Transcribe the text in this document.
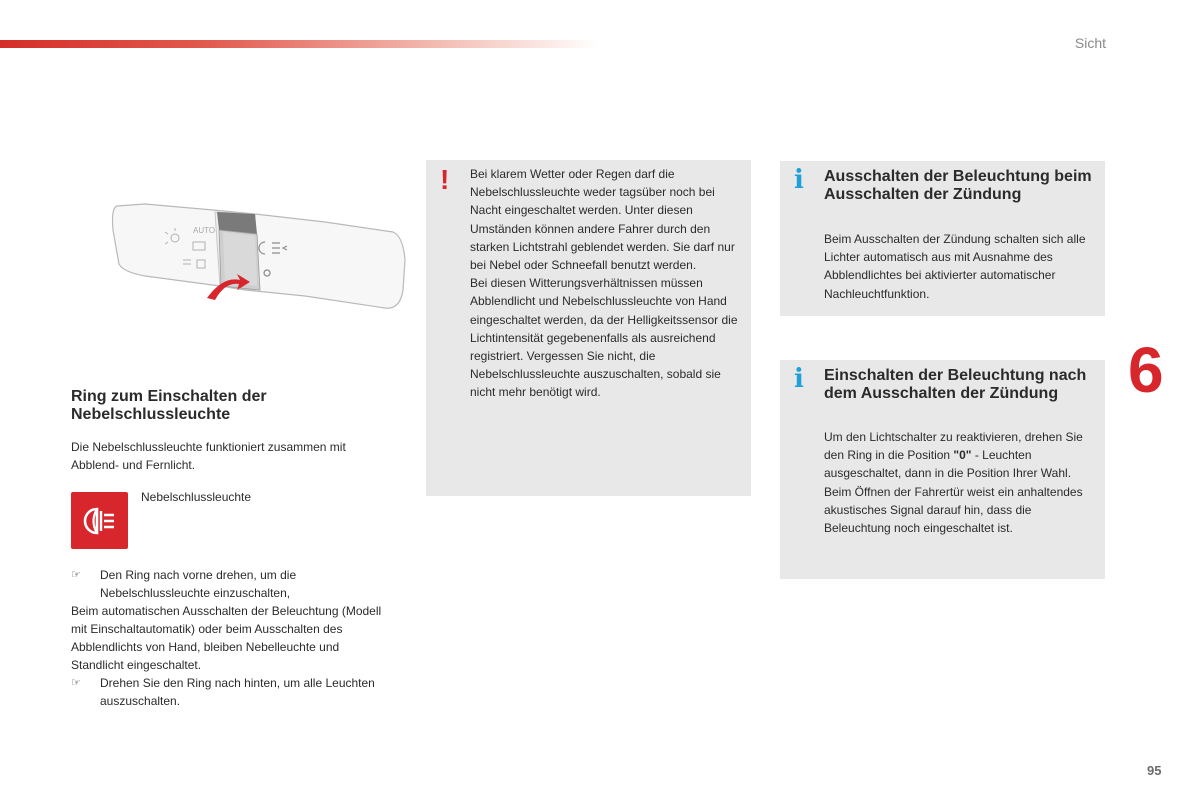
Sicht
6
95
AUTO
Ring zum Einschalten der Nebelschlussleuchte

Die Nebelschlussleuchte funktioniert zusammen mit Abblend- und Fernlicht.

Nebelschlussleuchte
☞	Den Ring nach vorne drehen, um die Nebelschlussleuchte einzuschalten,
Beim automatischen Ausschalten der Beleuchtung (Modell mit Einschaltautomatik) oder beim Ausschalten des Abblendlichts von Hand, bleiben Nebelleuchte und Standlicht eingeschaltet.
☞	Drehen Sie den Ring nach hinten, um alle Leuchten auszuschalten.
! Bei klarem Wetter oder Regen darf die Nebelschlussleuchte weder tagsüber noch bei Nacht eingeschaltet werden. Unter diesen Umständen können andere Fahrer durch den starken Lichtstrahl geblendet werden. Sie darf nur bei Nebel oder Schneefall benutzt werden.
Bei diesen Witterungsverhältnissen müssen Abblendlicht und Nebelschlussleuchte von Hand eingeschaltet werden, da der Helligkeitssensor die Lichtintensität gegebenenfalls als ausreichend registriert. Vergessen Sie nicht, die Nebelschlussleuchte auszuschalten, sobald sie nicht mehr benötigt wird.
i Ausschalten der Beleuchtung beim Ausschalten der Zündung
Beim Ausschalten der Zündung schalten sich alle Lichter automatisch aus mit Ausnahme des Abblendlichtes bei aktivierter automatischer Nachleuchtfunktion.
i Einschalten der Beleuchtung nach dem Ausschalten der Zündung
Um den Lichtschalter zu reaktivieren, drehen Sie den Ring in die Position "0" - Leuchten ausgeschaltet, dann in die Position Ihrer Wahl.
Beim Öffnen der Fahrertür weist ein anhaltendes akustisches Signal darauf hin, dass die Beleuchtung noch eingeschaltet ist.
